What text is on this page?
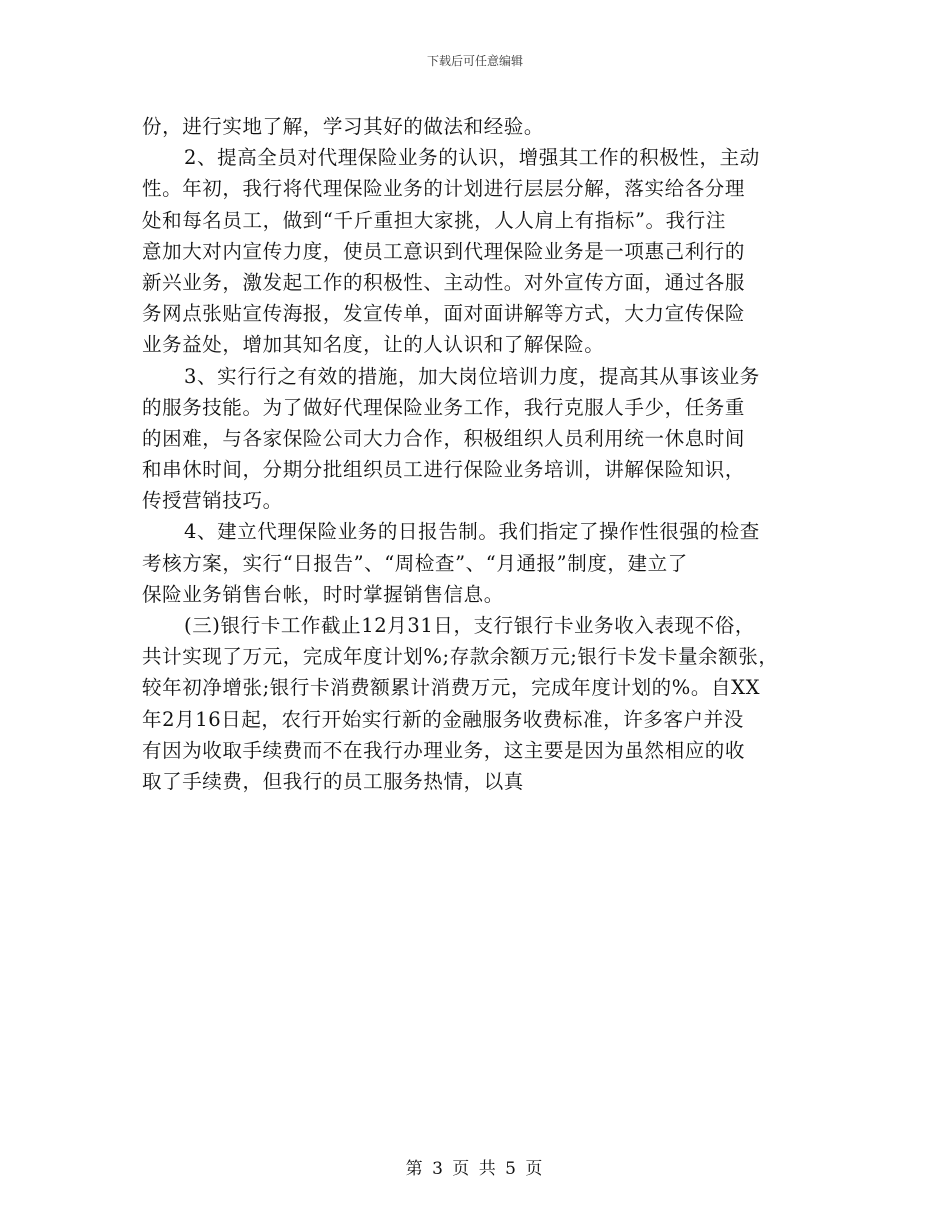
下载后可任意编辑
份，进行实地了解，学习其好的做法和经验。
2、提高全员对代理保险业务的认识，增强其工作的积极性，主动
性。年初，我行将代理保险业务的计划进行层层分解，落实给各分理
处和每名员工，做到“千斤重担大家挑，人人肩上有指标”。我行注
意加大对内宣传力度，使员工意识到代理保险业务是一项惠己利行的
新兴业务，激发起工作的积极性、主动性。对外宣传方面，通过各服
务网点张贴宣传海报，发宣传单，面对面讲解等方式，大力宣传保险
业务益处，增加其知名度，让的人认识和了解保险。
3、实行行之有效的措施，加大岗位培训力度，提高其从事该业务
的服务技能。为了做好代理保险业务工作，我行克服人手少，任务重
的困难，与各家保险公司大力合作，积极组织人员利用统一休息时间
和串休时间，分期分批组织员工进行保险业务培训，讲解保险知识，
传授营销技巧。
4、建立代理保险业务的日报告制。我们指定了操作性很强的检查
考核方案，实行“日报告”、“周检查”、“月通报”制度，建立了
保险业务销售台帐，时时掌握销售信息。
(三)银行卡工作截止12月31日，支行银行卡业务收入表现不俗，
共计实现了万元，完成年度计划%;存款余额万元;银行卡发卡量余额张，
较年初净增张;银行卡消费额累计消费万元，完成年度计划的%。自XX
年2月16日起，农行开始实行新的金融服务收费标准，许多客户并没
有因为收取手续费而不在我行办理业务，这主要是因为虽然相应的收
取了手续费，但我行的员工服务热情，以真
第 3 页 共 5 页
